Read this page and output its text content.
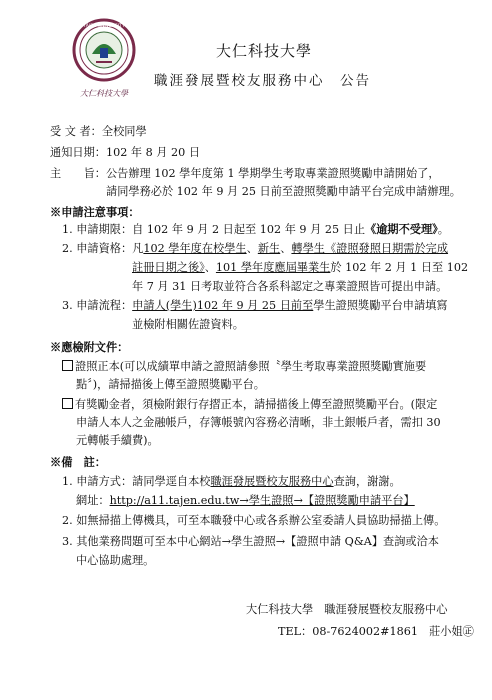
TAJEN UNIVERSITY
大仁科技大學
大仁科技大學
職涯發展暨校友服務中心　公告
受 文 者：全校同學
通知日期：102 年 8 月 20 日
主　　旨：公告辦理 102 學年度第 1 學期學生考取專業證照獎勵申請開始了，
請同學務必於 102 年 9 月 25 日前至證照獎勵申請平台完成申請辦理。
※申請注意事項：
1. 申請期限：自 102 年 9 月 2 日起至 102 年 9 月 25 日止《逾期不受理》。
2. 申請資格：凡102 學年度在校學生、新生、轉學生《證照發照日期需於完成
註冊日期之後》、101 學年度應屆畢業生於 102 年 2 月 1 日至 102
年 7 月 31 日考取並符合各系科認定之專業證照皆可提出申請。
3. 申請流程：申請人(學生)102 年 9 月 25 日前至學生證照獎勵平台申請填寫
並檢附相關佐證資料。
※應檢附文件：
證照正本(可以成績單申請之證照請參照〝學生考取專業證照獎勵實施要
點〞)，請掃描後上傳至證照獎勵平台。
有獎勵金者，須檢附銀行存摺正本，請掃描後上傳至證照獎勵平台。(限定
申請人本人之金融帳戶，存簿帳號內容務必清晰，非土銀帳戶者，需扣 30
元轉帳手續費)。
※備　註：
1. 申請方式：請同學逕自本校職涯發展暨校友服務中心查詢，謝謝。
網址：http://a11.tajen.edu.tw→學生證照→【證照獎勵申請平台】
2. 如無掃描上傳機具，可至本職發中心或各系辦公室委請人員協助掃描上傳。
3. 其他業務問題可至本中心網站→學生證照→【證照申請 Q&A】查詢或洽本
中心協助處理。
大仁科技大學　職涯發展暨校友服務中心
TEL：08-7624002#1861　莊小姐㊣
